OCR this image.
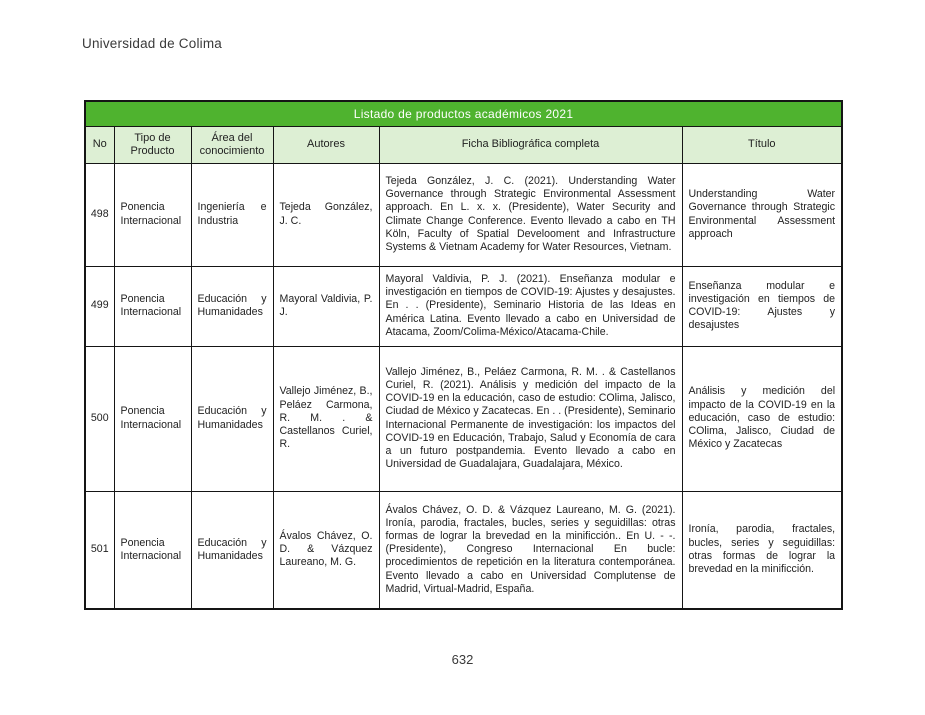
Universidad de Colima
Listado de productos académicos 2021					
No	Tipo de Producto	Área del conocimiento	Autores	Ficha Bibliográfica completa	Título
498	Ponencia Internacional	Ingeniería e Industria	Tejeda González, J. C.	Tejeda González, J. C. (2021). Understanding Water Governance through Strategic Environmental Assessment approach. En L. x. x. (Presidente), Water Security and Climate Change Conference. Evento llevado a cabo en TH Köln, Faculty of Spatial Develooment and Infrastructure Systems & Vietnam Academy for Water Resources, Vietnam.	Understanding Water Governance through Strategic Environmental Assessment approach
499	Ponencia Internacional	Educación y Humanidades	Mayoral Valdivia, P. J.	Mayoral Valdivia, P. J. (2021). Enseñanza modular e investigación en tiempos de COVID-19: Ajustes y desajustes. En . . (Presidente), Seminario Historia de las Ideas en América Latina. Evento llevado a cabo en Universidad de Atacama, Zoom/Colima-México/Atacama-Chile.	Enseñanza modular e investigación en tiempos de COVID-19: Ajustes y desajustes
500	Ponencia Internacional	Educación y Humanidades	Vallejo Jiménez, B., Peláez Carmona, R. M. . & Castellanos Curiel, R.	Vallejo Jiménez, B., Peláez Carmona, R. M. . & Castellanos Curiel, R. (2021). Análisis y medición del impacto de la COVID-19 en la educación, caso de estudio: COlima, Jalisco, Ciudad de México y Zacatecas. En . . (Presidente), Seminario Internacional Permanente de investigación: los impactos del COVID-19 en Educación, Trabajo, Salud y Economía de cara a un futuro postpandemia. Evento llevado a cabo en Universidad de Guadalajara, Guadalajara, México.	Análisis y medición del impacto de la COVID-19 en la educación, caso de estudio: COlima, Jalisco, Ciudad de México y Zacatecas
501	Ponencia Internacional	Educación y Humanidades	Ávalos Chávez, O. D. & Vázquez Laureano, M. G.	Ávalos Chávez, O. D. & Vázquez Laureano, M. G. (2021). Ironía, parodia, fractales, bucles, series y seguidillas: otras formas de lograr la brevedad en la minificción.. En U. - -. (Presidente), Congreso Internacional En bucle: procedimientos de repetición en la literatura contemporánea. Evento llevado a cabo en Universidad Complutense de Madrid, Virtual-Madrid, España.	Ironía, parodia, fractales, bucles, series y seguidillas: otras formas de lograr la brevedad en la minificción.
632
